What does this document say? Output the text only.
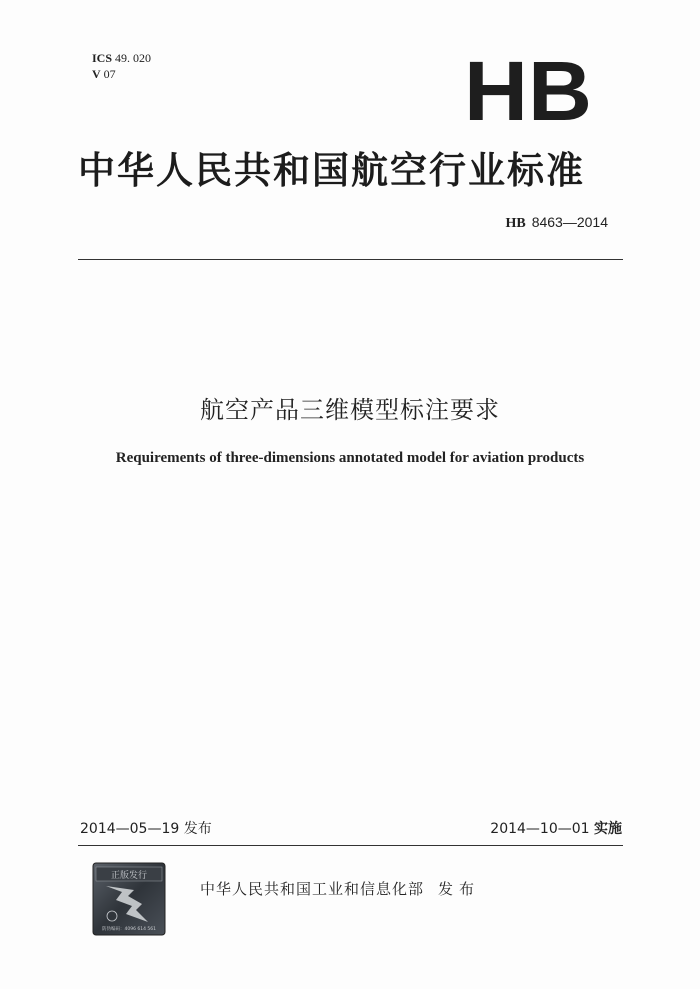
ICS 49. 020
V 07	HB
中华人民共和国航空行业标准
HB 8463—2014
航空产品三维模型标注要求
Requirements of three-dimensions annotated model for aviation products
2014—05—19 发布	2014—10—01 实施
正版发行
防伪编码：4096 614 561
中华人民共和国工业和信息化部 发布
